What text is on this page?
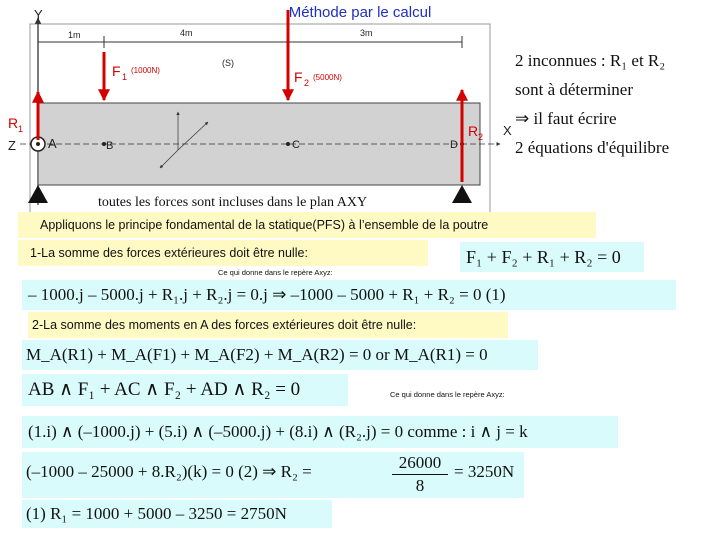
Méthode par le calcul
Y
X
Z
1m	4m	3m
(S)
A	B	C	D
F 1
(1000N)	F 2
(5000N)
R 1	R 2
toutes les forces sont incluses dans le plan AXY
2 inconnues : R₁ et R₂
sont à déterminer
⇒ il faut écrire
2 équations d'équilibre
Appliquons le principe fondamental de la statique(PFS) à l’ensemble de la poutre
1-La somme des forces extérieures doit être nulle:	F₁ + F₂ + R₁ + R₂ = 0
Ce qui donne dans le repère Axyz:
– 1000.j – 5000.j + R₁.j + R₂.j = 0.j ⇒ –1000 – 5000 + R₁ + R₂ = 0 (1)
2-La somme des moments en A des forces extérieures doit être nulle:
M_A(R1) + M_A(F1) + M_A(F2) + M_A(R2) = 0 or M_A(R1) = 0
AB ∧ F₁ + AC ∧ F₂ + AD ∧ R₂ = 0	Ce qui donne dans le repère Axyz:
(1.i) ∧ (–1000.j) + (5.i) ∧ (–5000.j) + (8.i) ∧ (R₂.j) = 0 comme : i ∧ j = k
(–1000 – 25000 + 8.R₂)(k) = 0 (2) ⇒ R₂ =	26000
8
= 3250N
(1) R₁ = 1000 + 5000 – 3250 = 2750N
